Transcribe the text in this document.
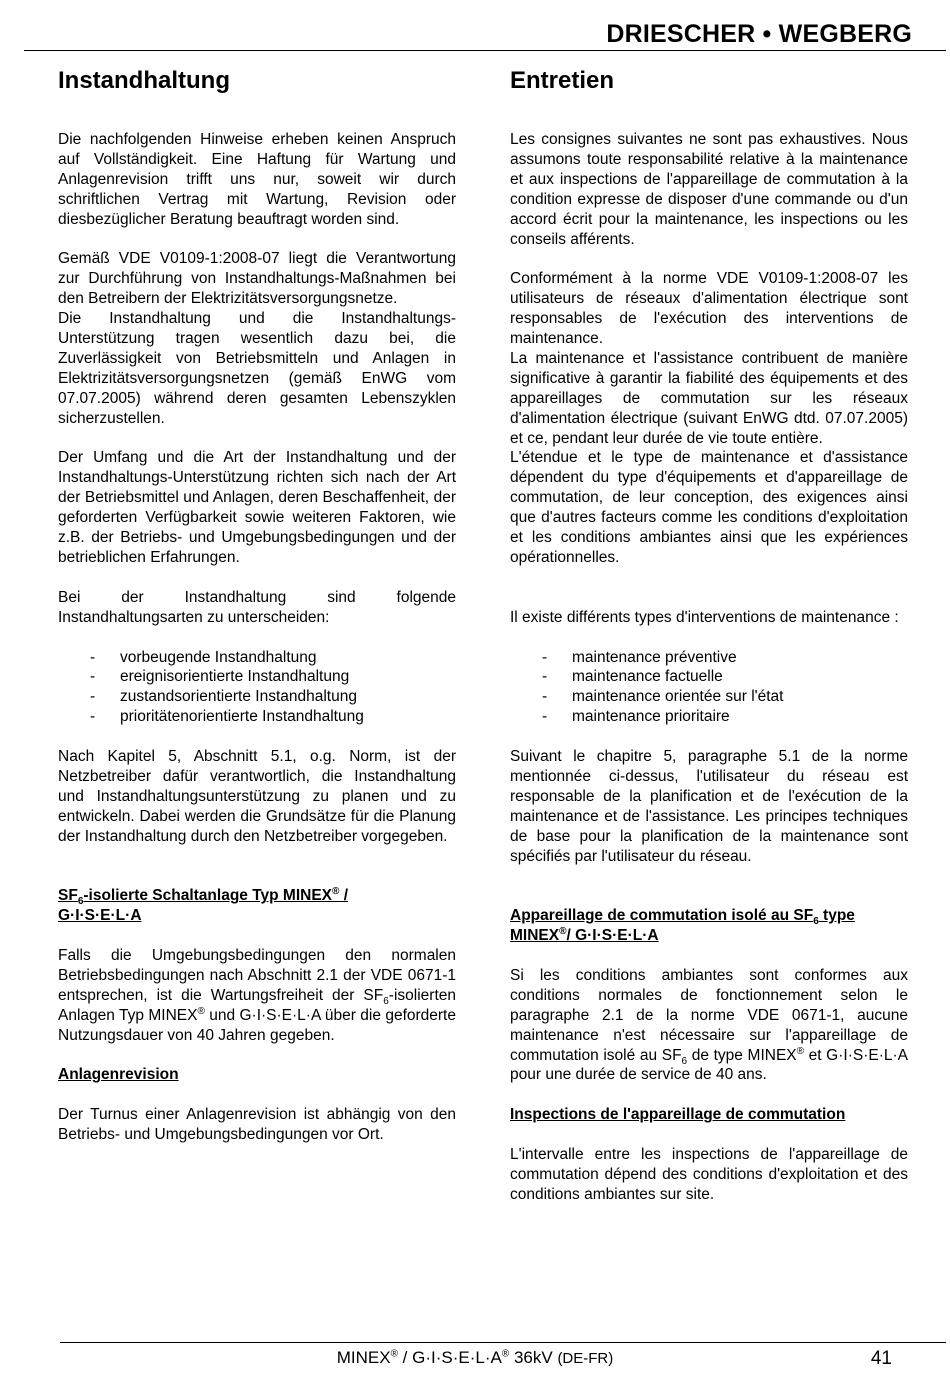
DRIESCHER • WEGBERG
Instandhaltung

Die nachfolgenden Hinweise erheben keinen Anspruch auf Vollständigkeit. Eine Haftung für Wartung und Anlagenrevision trifft uns nur, soweit wir durch schriftlichen Vertrag mit Wartung, Revision oder diesbezüglicher Beratung beauftragt worden sind.

Gemäß VDE V0109-1:2008-07 liegt die Verantwortung zur Durchführung von Instandhaltungs-Maßnahmen bei den Betreibern der Elektrizitätsversorgungsnetze.

Die Instandhaltung und die Instandhaltungs-Unterstützung tragen wesentlich dazu bei, die Zuverlässigkeit von Betriebsmitteln und Anlagen in Elektrizitätsversorgungsnetzen (gemäß EnWG vom 07.07.2005) während deren gesamten Lebenszyklen sicherzustellen.

Der Umfang und die Art der Instandhaltung und der Instandhaltungs-Unterstützung richten sich nach der Art der Betriebsmittel und Anlagen, deren Beschaffenheit, der geforderten Verfügbarkeit sowie weiteren Faktoren, wie z.B. der Betriebs- und Umgebungsbedingungen und der betrieblichen Erfahrungen.

Bei der Instandhaltung sind folgende Instandhaltungsarten zu unterscheiden:

- vorbeugende Instandhaltung
- ereignisorientierte Instandhaltung
- zustandsorientierte Instandhaltung
- prioritätenorientierte Instandhaltung

Nach Kapitel 5, Abschnitt 5.1, o.g. Norm, ist der Netzbetreiber dafür verantwortlich, die Instandhaltung und Instandhaltungsunterstützung zu planen und zu entwickeln. Dabei werden die Grundsätze für die Planung der Instandhaltung durch den Netzbetreiber vorgegeben.

$SF_6$-isolierte Schaltanlage Typ MINEX® /
G·I·S·E·L·A

Falls die Umgebungsbedingungen den normalen Betriebsbedingungen nach Abschnitt 2.1 der VDE 0671-1 entsprechen, ist die Wartungsfreiheit der $SF_6$-isolierten Anlagen Typ MINEX® und G·I·S·E·L·A über die geforderte Nutzungsdauer von 40 Jahren gegeben.

Anlagenrevision

Der Turnus einer Anlagenrevision ist abhängig von den Betriebs- und Umgebungsbedingungen vor Ort.

Entretien

Les consignes suivantes ne sont pas exhaustives. Nous assumons toute responsabilité relative à la maintenance et aux inspections de l'appareillage de commutation à la condition expresse de disposer d'une commande ou d'un accord écrit pour la maintenance, les inspections ou les conseils afférents.

Conformément à la norme VDE V0109-1:2008-07 les utilisateurs de réseaux d'alimentation électrique sont responsables de l'exécution des interventions de maintenance.

La maintenance et l'assistance contribuent de manière significative à garantir la fiabilité des équipements et des appareillages de commutation sur les réseaux d'alimentation électrique (suivant EnWG dtd. 07.07.2005) et ce, pendant leur durée de vie toute entière.

L'étendue et le type de maintenance et d'assistance dépendent du type d'équipements et d'appareillage de commutation, de leur conception, des exigences ainsi que d'autres facteurs comme les conditions d'exploitation et les conditions ambiantes ainsi que les expériences opérationnelles.

Il existe différents types d'interventions de maintenance :

- maintenance préventive
- maintenance factuelle
- maintenance orientée sur l'état
- maintenance prioritaire

Suivant le chapitre 5, paragraphe 5.1 de la norme mentionnée ci-dessus, l'utilisateur du réseau est responsable de la planification et de l'exécution de la maintenance et de l'assistance. Les principes techniques de base pour la planification de la maintenance sont spécifiés par l'utilisateur du réseau.

Appareillage de commutation isolé au $SF_6$ type
MINEX®/ G·I·S·E·L·A

Si les conditions ambiantes sont conformes aux conditions normales de fonctionnement selon le paragraphe 2.1 de la norme VDE 0671-1, aucune maintenance n'est nécessaire sur l'appareillage de commutation isolé au $SF_6$ de type MINEX® et G·I·S·E·L·A pour une durée de service de 40 ans.

Inspections de l'appareillage de commutation

L'intervalle entre les inspections de l'appareillage de commutation dépend des conditions d'exploitation et des conditions ambiantes sur site.

MINEX® / G·I·S·E·L·A® 36kV (DE-FR)	41
